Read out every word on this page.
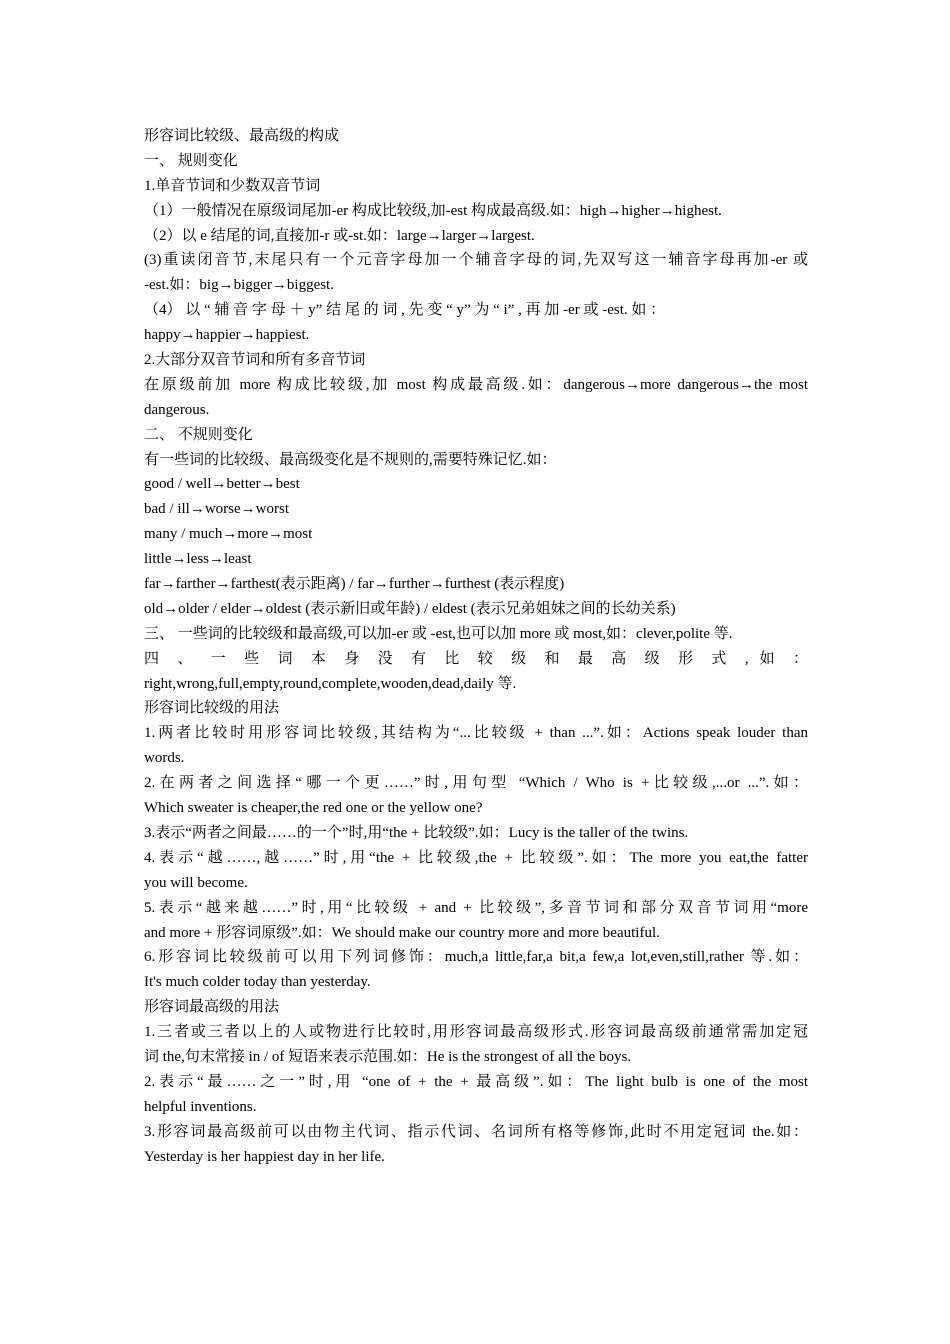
形容词比较级、最高级的构成
一、 规则变化
1.单音节词和少数双音节词
（1）一般情况在原级词尾加-er 构成比较级,加-est 构成最高级.如：high→higher→highest.
（2）以 e 结尾的词,直接加-r 或-st.如：large→larger→largest.
(3)重读闭音节,末尾只有一个元音字母加一个辅音字母的词,先双写这一辅音字母再加-er 或
-est.如：big→bigger→biggest.
（4） 以 “ 辅 音 字 母 ＋ y” 结 尾 的 词 , 先 变 “ y” 为 “ i” , 再 加 -er 或 -est. 如 ：
happy→happier→happiest.
2.大部分双音节词和所有多音节词
在原级前加 more 构成比较级,加 most 构成最高级.如：dangerous→more dangerous→the most
dangerous.
二、 不规则变化
有一些词的比较级、最高级变化是不规则的,需要特殊记忆.如：
good / well→better→best
bad / ill→worse→worst
many / much→more→most
little→less→least
far→farther→farthest(表示距离) / far→further→furthest (表示程度)
old→older / elder→oldest (表示新旧或年龄) / eldest (表示兄弟姐妹之间的长幼关系)
三、 一些词的比较级和最高级,可以加-er 或 -est,也可以加 more 或 most,如：clever,polite 等.
四 、 一 些 词 本 身 没 有 比 较 级 和 最 高 级 形 式 , 如 ：
right,wrong,full,empty,round,complete,wooden,dead,daily 等.
形容词比较级的用法
1.两者比较时用形容词比较级,其结构为“...比较级 + than ...”.如：Actions speak louder than
words.
2.在两者之间选择“哪一个更……”时,用句型 “Which / Who is +比较级,...or ...”.如：
Which sweater is cheaper,the red one or the yellow one?
3.表示“两者之间最……的一个”时,用“the + 比较级”.如：Lucy is the taller of the twins.
4.表示“越……,越……”时,用“the + 比较级,the + 比较级”.如：The more you eat,the fatter
you will become.
5.表示“越来越……”时,用“比较级 + and + 比较级”,多音节词和部分双音节词用“more
and more + 形容词原级”.如：We should make our country more and more beautiful.
6.形容词比较级前可以用下列词修饰：much,a little,far,a bit,a few,a lot,even,still,rather 等.如：
It's much colder today than yesterday.
形容词最高级的用法
1.三者或三者以上的人或物进行比较时,用形容词最高级形式.形容词最高级前通常需加定冠
词 the,句末常接 in / of 短语来表示范围.如：He is the strongest of all the boys.
2.表示“最……之一”时,用 “one of + the + 最高级”.如：The light bulb is one of the most
helpful inventions.
3.形容词最高级前可以由物主代词、指示代词、名词所有格等修饰,此时不用定冠词 the.如：
Yesterday is her happiest day in her life.
